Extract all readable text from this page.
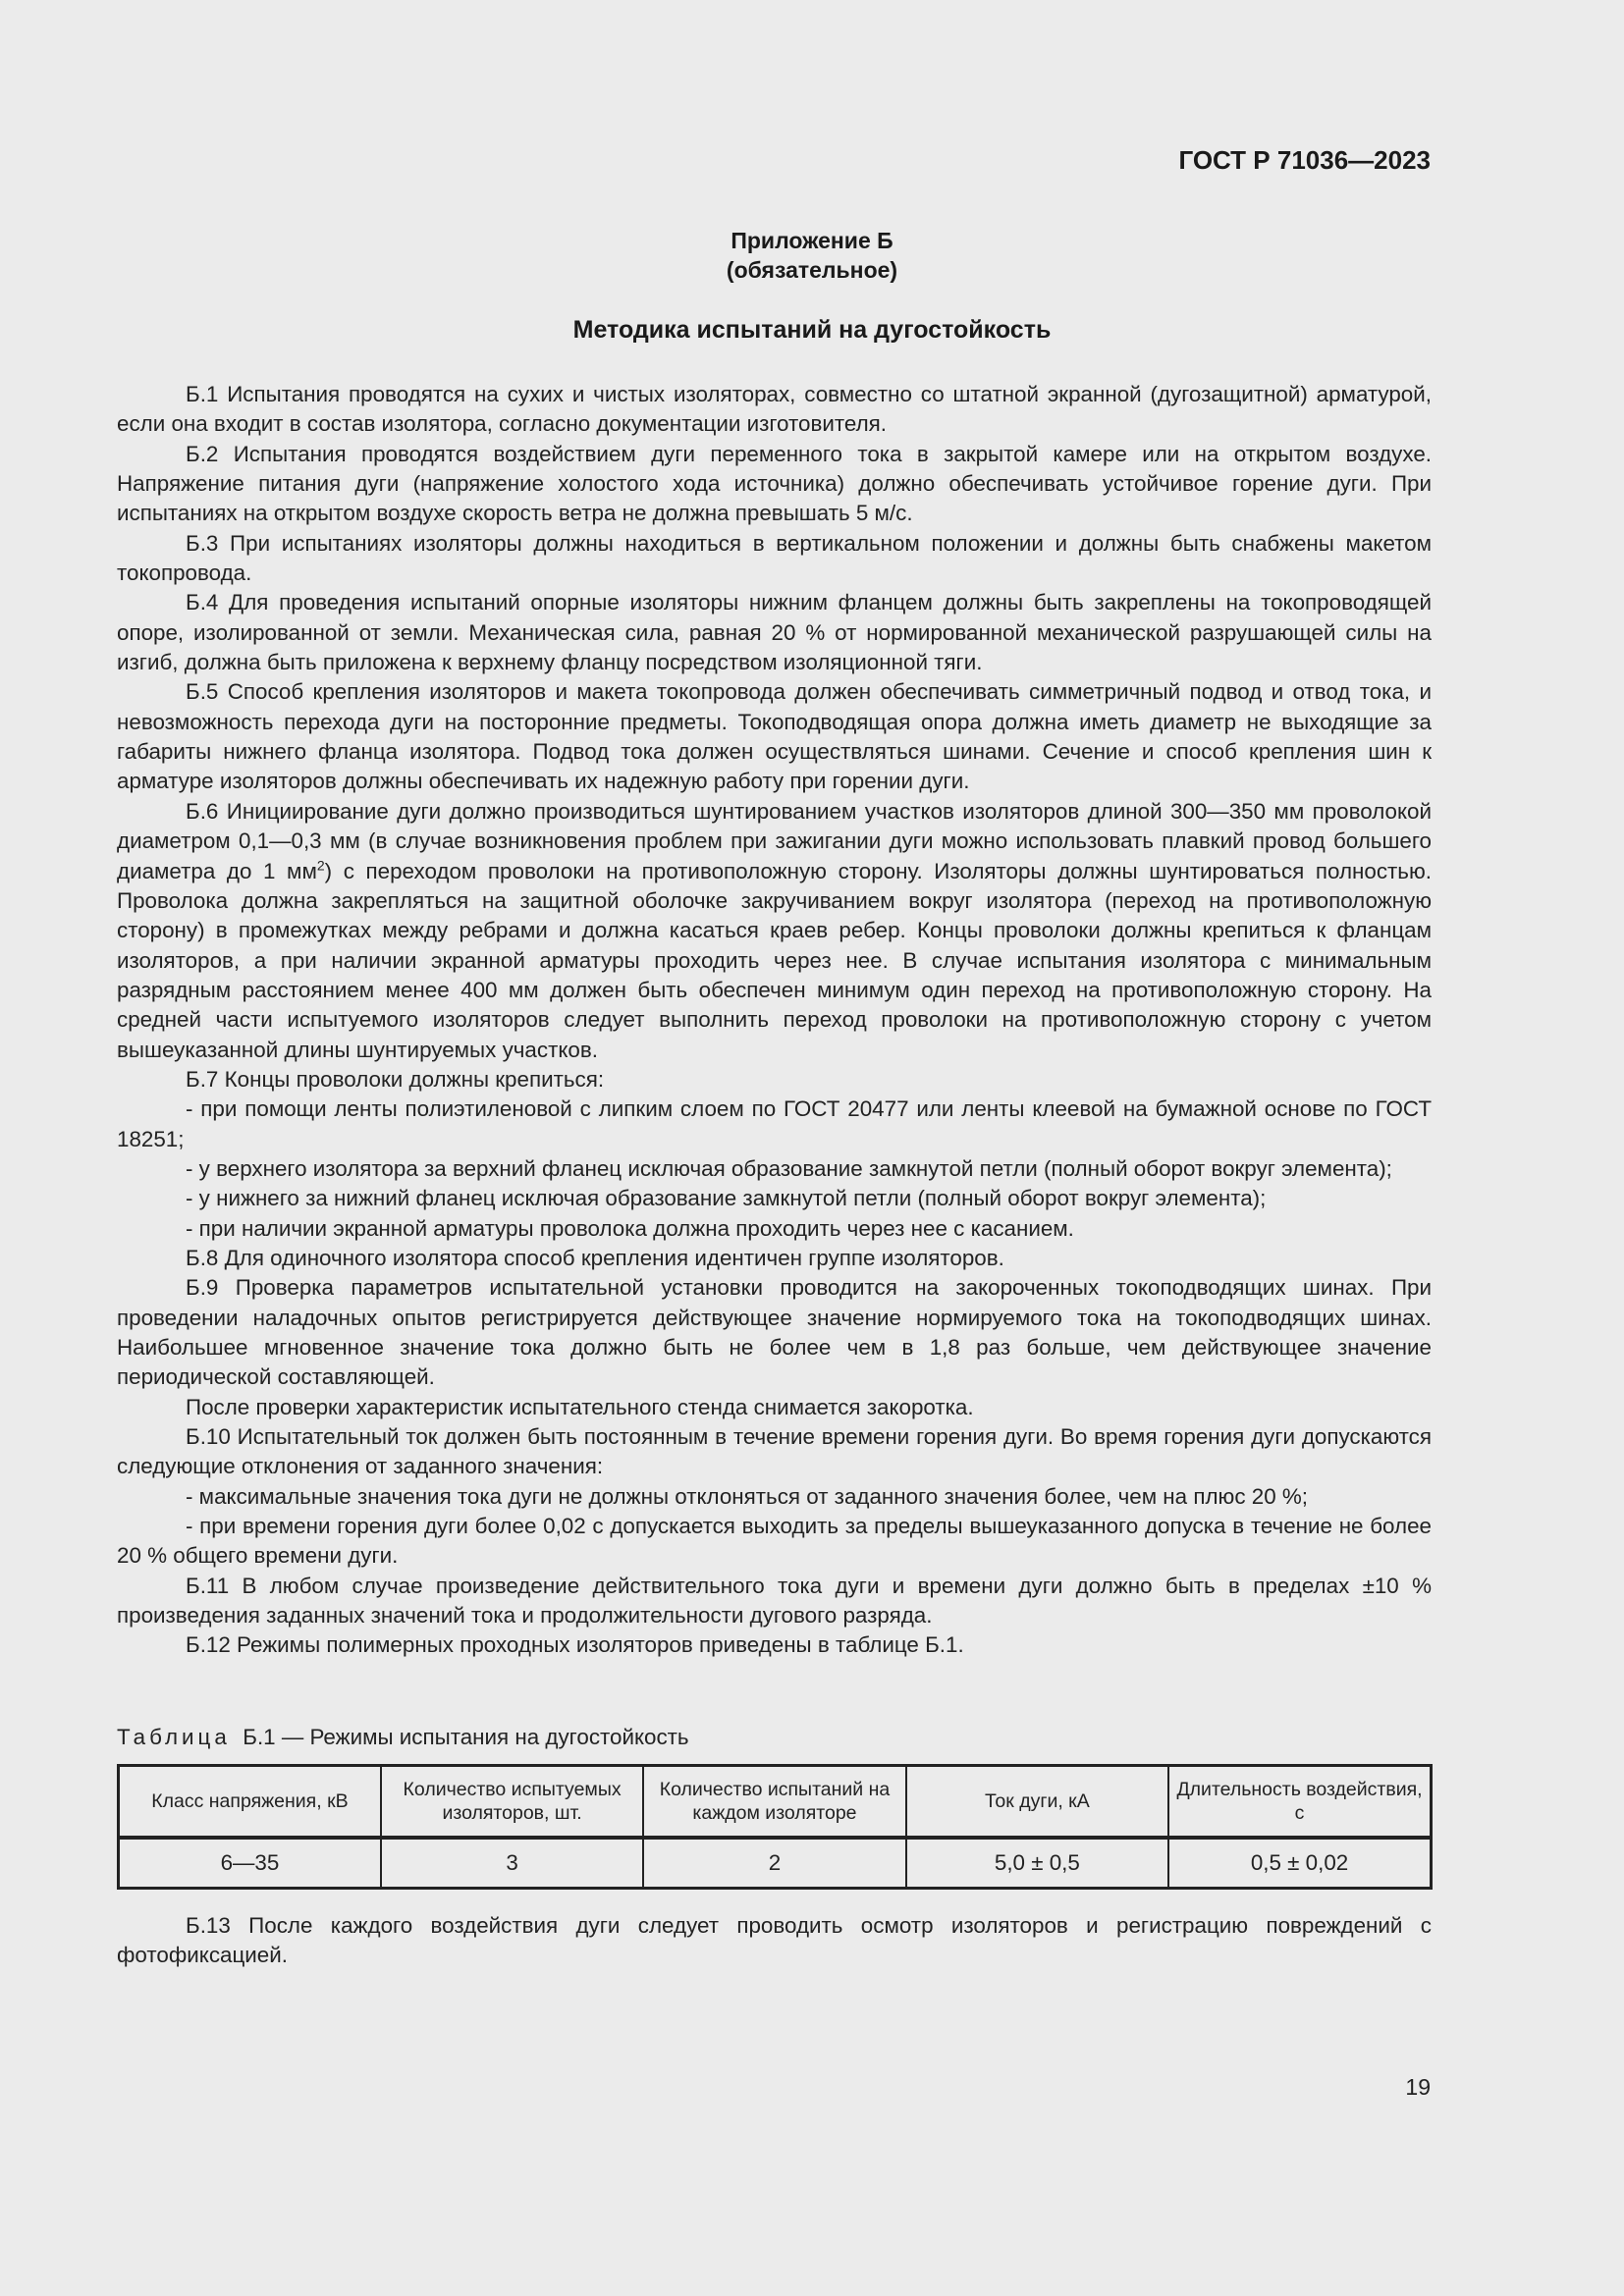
ГОСТ Р 71036—2023
Приложение Б
(обязательное)
Методика испытаний на дугостойкость

Б.1 Испытания проводятся на сухих и чистых изоляторах, совместно со штатной экранной (дугозащитной) арматурой, если она входит в состав изолятора, согласно документации изготовителя.

Б.2 Испытания проводятся воздействием дуги переменного тока в закрытой камере или на открытом воздухе. Напряжение питания дуги (напряжение холостого хода источника) должно обеспечивать устойчивое горение дуги. При испытаниях на открытом воздухе скорость ветра не должна превышать 5 м/с.

Б.3 При испытаниях изоляторы должны находиться в вертикальном положении и должны быть снабжены макетом токопровода.

Б.4 Для проведения испытаний опорные изоляторы нижним фланцем должны быть закреплены на токопроводящей опоре, изолированной от земли. Механическая сила, равная 20 % от нормированной механической разрушающей силы на изгиб, должна быть приложена к верхнему фланцу посредством изоляционной тяги.

Б.5 Способ крепления изоляторов и макета токопровода должен обеспечивать симметричный подвод и отвод тока, и невозможность перехода дуги на посторонние предметы. Токоподводящая опора должна иметь диаметр не выходящие за габариты нижнего фланца изолятора. Подвод тока должен осуществляться шинами. Сечение и способ крепления шин к арматуре изоляторов должны обеспечивать их надежную работу при горении дуги.

Б.6 Инициирование дуги должно производиться шунтированием участков изоляторов длиной 300—350 мм проволокой диаметром 0,1—0,3 мм (в случае возникновения проблем при зажигании дуги можно использовать плавкий провод большего диаметра до 1 $мм^2$) с переходом проволоки на противоположную сторону. Изоляторы должны шунтироваться полностью. Проволока должна закрепляться на защитной оболочке закручиванием вокруг изолятора (переход на противоположную сторону) в промежутках между ребрами и должна касаться краев ребер. Концы проволоки должны крепиться к фланцам изоляторов, а при наличии экранной арматуры проходить через нее. В случае испытания изолятора с минимальным разрядным расстоянием менее 400 мм должен быть обеспечен минимум один переход на противоположную сторону. На средней части испытуемого изоляторов следует выполнить переход проволоки на противоположную сторону с учетом вышеуказанной длины шунтируемых участков.

Б.7 Концы проволоки должны крепиться:

- при помощи ленты полиэтиленовой с липким слоем по ГОСТ 20477 или ленты клеевой на бумажной основе по ГОСТ 18251;

- у верхнего изолятора за верхний фланец исключая образование замкнутой петли (полный оборот вокруг элемента);

- у нижнего за нижний фланец исключая образование замкнутой петли (полный оборот вокруг элемента);

- при наличии экранной арматуры проволока должна проходить через нее с касанием.

Б.8 Для одиночного изолятора способ крепления идентичен группе изоляторов.

Б.9 Проверка параметров испытательной установки проводится на закороченных токоподводящих шинах. При проведении наладочных опытов регистрируется действующее значение нормируемого тока на токоподводящих шинах. Наибольшее мгновенное значение тока должно быть не более чем в 1,8 раз больше, чем действующее значение периодической составляющей.

После проверки характеристик испытательного стенда снимается закоротка.

Б.10 Испытательный ток должен быть постоянным в течение времени горения дуги. Во время горения дуги допускаются следующие отклонения от заданного значения:

- максимальные значения тока дуги не должны отклоняться от заданного значения более, чем на плюс 20 %;

- при времени горения дуги более 0,02 с допускается выходить за пределы вышеуказанного допуска в течение не более 20 % общего времени дуги.

Б.11 В любом случае произведение действительного тока дуги и времени дуги должно быть в пределах ±10 % произведения заданных значений тока и продолжительности дугового разряда.

Б.12 Режимы полимерных проходных изоляторов приведены в таблице Б.1.

Таблица Б.1 — Режимы испытания на дугостойкость
Класс напряжения, кВ	Количество испытуемых изоляторов, шт.	Количество испытаний на каждом изоляторе	Ток дуги, кА	Длительность воздействия, с

6—35	3	2	5,0 ± 0,5	0,5 ± 0,02

Б.13 После каждого воздействия дуги следует проводить осмотр изоляторов и регистрацию повреждений с фотофиксацией.

19
